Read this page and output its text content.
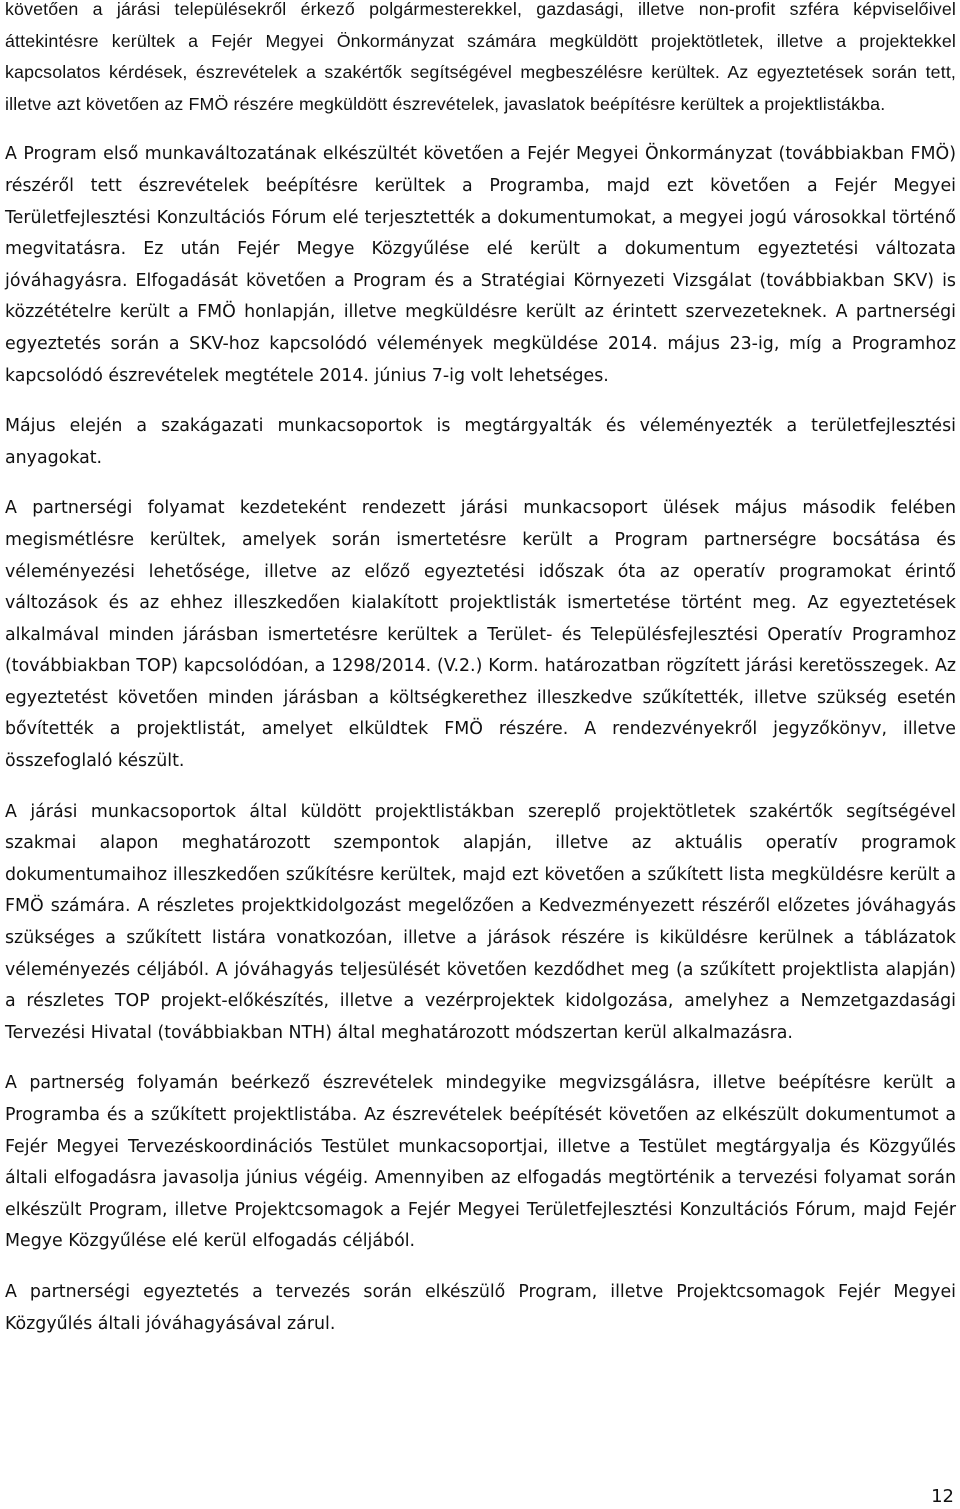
követően a járási településekről érkező polgármesterekkel, gazdasági, illetve non-profit szféra képviselőivel áttekintésre kerültek a Fejér Megyei Önkormányzat számára megküldött projektötletek, illetve a projektekkel kapcsolatos kérdések, észrevételek a szakértők segítségével megbeszélésre kerültek. Az egyeztetések során tett, illetve azt követően az FMÖ részére megküldött észrevételek, javaslatok beépítésre kerültek a projektlistákba.

A Program első munkaváltozatának elkészültét követően a Fejér Megyei Önkormányzat (továbbiakban FMÖ) részéről tett észrevételek beépítésre kerültek a Programba, majd ezt követően a Fejér Megyei Területfejlesztési Konzultációs Fórum elé terjesztették a dokumentumokat, a megyei jogú városokkal történő megvitatásra. Ez után Fejér Megye Közgyűlése elé került a dokumentum egyeztetési változata jóváhagyásra. Elfogadását követően a Program és a Stratégiai Környezeti Vizsgálat (továbbiakban SKV) is közzétételre került a FMÖ honlapján, illetve megküldésre került az érintett szervezeteknek. A partnerségi egyeztetés során a SKV-hoz kapcsolódó vélemények megküldése 2014. május 23-ig, míg a Programhoz kapcsolódó észrevételek megtétele 2014. június 7-ig volt lehetséges.

Május elején a szakágazati munkacsoportok is megtárgyalták és véleményezték a területfejlesztési anyagokat.

A partnerségi folyamat kezdeteként rendezett járási munkacsoport ülések május második felében megismétlésre kerültek, amelyek során ismertetésre került a Program partnerségre bocsátása és véleményezési lehetősége, illetve az előző egyeztetési időszak óta az operatív programokat érintő változások és az ehhez illeszkedően kialakított projektlisták ismertetése történt meg. Az egyeztetések alkalmával minden járásban ismertetésre kerültek a Terület- és Településfejlesztési Operatív Programhoz (továbbiakban TOP) kapcsolódóan, a 1298/2014. (V.2.) Korm. határozatban rögzített járási keretösszegek. Az egyeztetést követően minden járásban a költségkerethez illeszkedve szűkítették, illetve szükség esetén bővítették a projektlistát, amelyet elküldtek FMÖ részére. A rendezvényekről jegyzőkönyv, illetve összefoglaló készült.

A járási munkacsoportok által küldött projektlistákban szereplő projektötletek szakértők segítségével szakmai alapon meghatározott szempontok alapján, illetve az aktuális operatív programok dokumentumaihoz illeszkedően szűkítésre kerültek, majd ezt követően a szűkített lista megküldésre került a FMÖ számára. A részletes projektkidolgozást megelőzően a Kedvezményezett részéről előzetes jóváhagyás szükséges a szűkített listára vonatkozóan, illetve a járások részére is kiküldésre kerülnek a táblázatok véleményezés céljából. A jóváhagyás teljesülését követően kezdődhet meg (a szűkített projektlista alapján) a részletes TOP projekt-előkészítés, illetve a vezérprojektek kidolgozása, amelyhez a Nemzetgazdasági Tervezési Hivatal (továbbiakban NTH) által meghatározott módszertan kerül alkalmazásra.

A partnerség folyamán beérkező észrevételek mindegyike megvizsgálásra, illetve beépítésre került a Programba és a szűkített projektlistába. Az észrevételek beépítését követően az elkészült dokumentumot a Fejér Megyei Tervezéskoordinációs Testület munkacsoportjai, illetve a Testület megtárgyalja és Közgyűlés általi elfogadásra javasolja június végéig. Amennyiben az elfogadás megtörténik a tervezési folyamat során elkészült Program, illetve Projektcsomagok a Fejér Megyei Területfejlesztési Konzultációs Fórum, majd Fejér Megye Közgyűlése elé kerül elfogadás céljából.

A partnerségi egyeztetés a tervezés során elkészülő Program, illetve Projektcsomagok Fejér Megyei Közgyűlés általi jóváhagyásával zárul.

12
